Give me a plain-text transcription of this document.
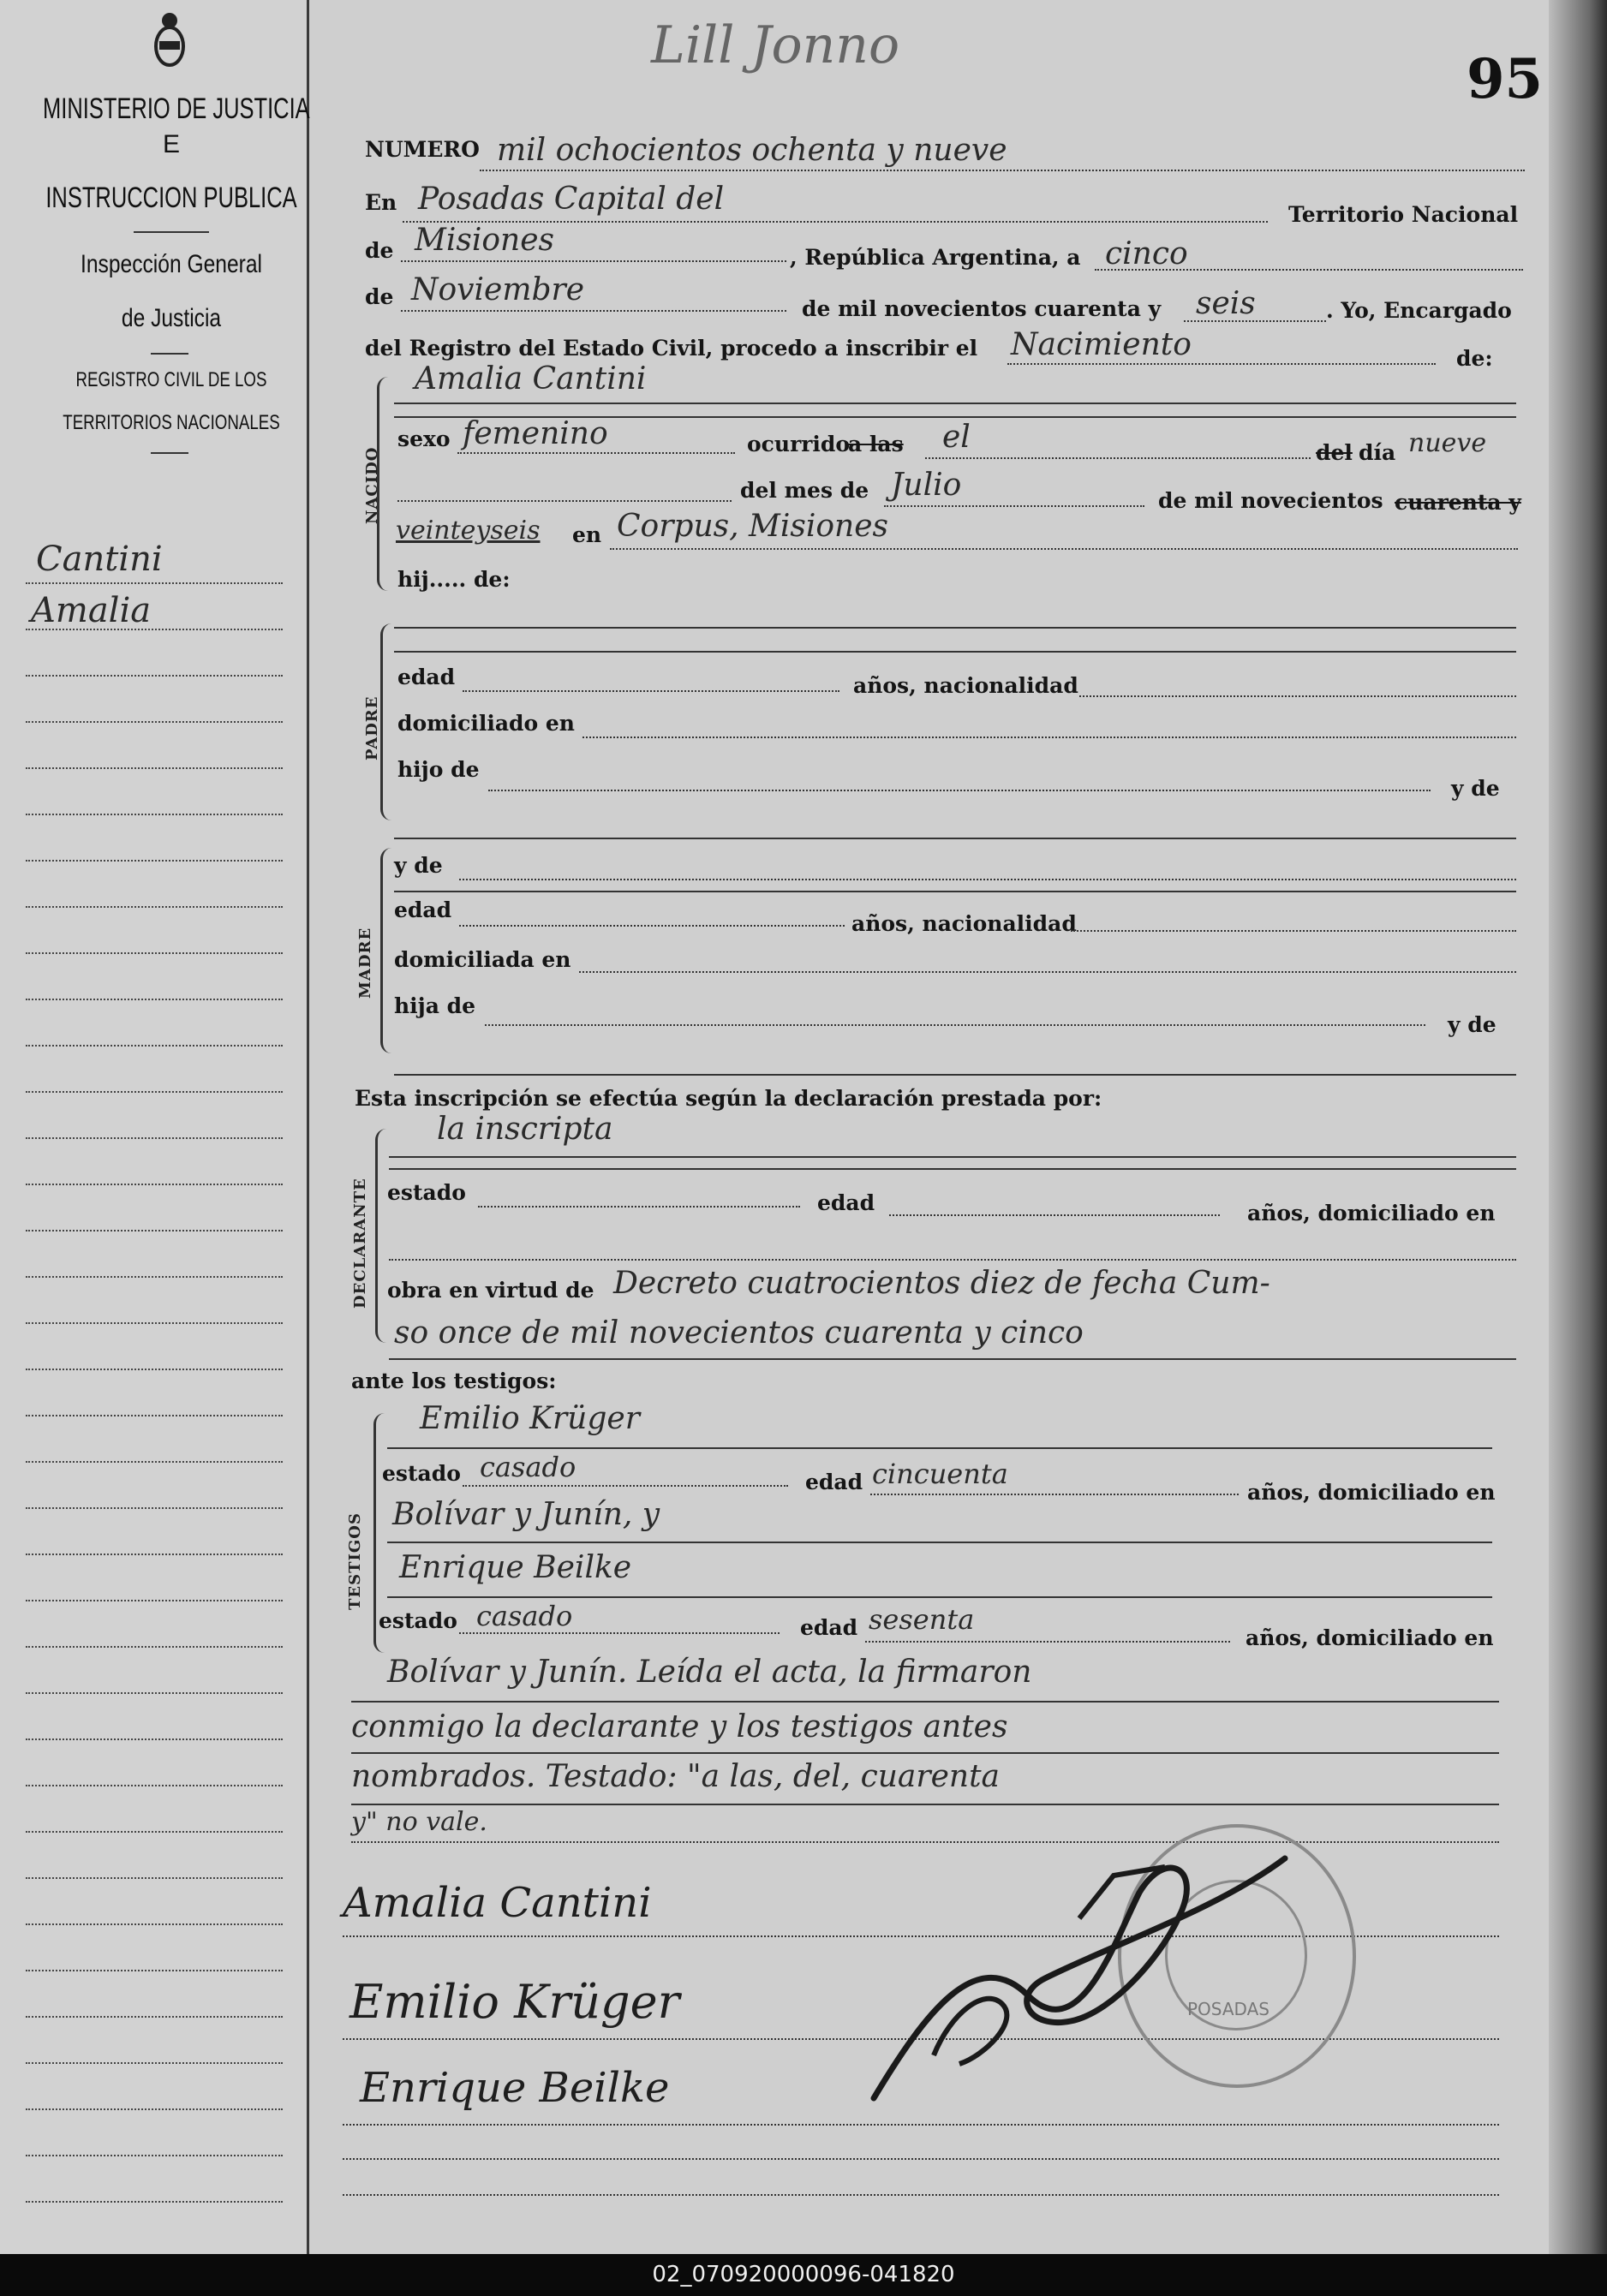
MINISTERIO DE JUSTICIA
E
INSTRUCCION PUBLICA
Inspección General
de Justicia
REGISTRO CIVIL DE LOS
TERRITORIOS NACIONALES
Cantini
Amalia
Lill Jonno
95
NUMERO mil ochocientos ochenta y nueve
En Posadas Capital del	Territorio Nacional
de Misiones	, República Argentina, a cinco
de Noviembre
de mil novecientos cuarenta y seis	. Yo, Encargado
del Registro del Estado Civil, procedo a inscribir el Nacimiento	de:
NACIDO
Amalia Cantini
sexo femenino	ocurrido
a las el	del día nueve
del mes de Julio	de mil novecientos cuarenta y
veinteyseis en Corpus, Misiones
hij..... de:
PADRE
edad	años, nacionalidad
domiciliado en
hijo de
y de
MADRE
y de
edad
años, nacionalidad
domiciliada en
hija de
y de
Esta inscripción se efectúa según la declaración prestada por:
DECLARANTE
la inscripta
estado	edad	años, domiciliado en
obra en virtud de Decreto cuatrocientos diez de fecha Cum-
so once de mil novecientos cuarenta y cinco
ante los testigos:
TESTIGOS
Emilio Krüger
estado casado	edad cincuenta
años, domiciliado en
Bolívar y Junín, y
Enrique Beilke
estado casado	edad sesenta
años, domiciliado en
Bolívar y Junín. Leída el acta, la firmaron
conmigo la declarante y los testigos antes
nombrados. Testado: "a las, del, cuarenta
y" no vale.
Amalia Cantini
Emilio Krüger
Enrique Beilke
POSADAS
02_070920000096-041820
